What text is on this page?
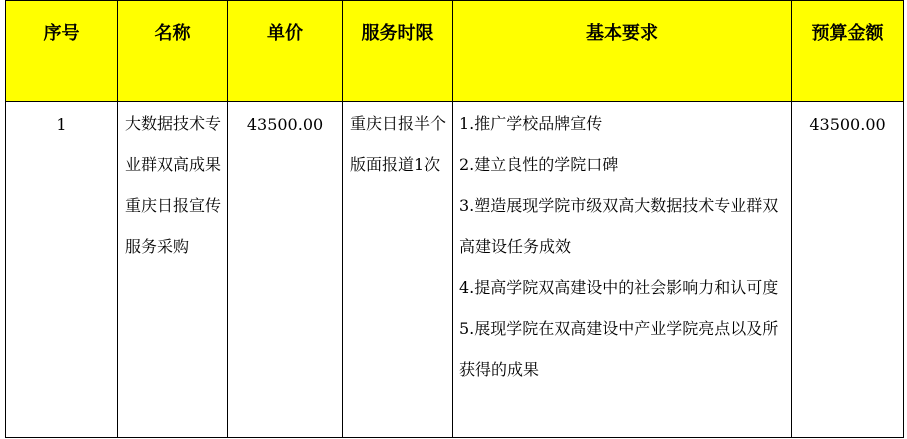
序号	名称	单价	服务时限	基本要求	预算金额
1	大数据技术专业群双高成果重庆日报宣传服务采购	43500.00	重庆日报半个版面报道1次	1.推广学校品牌宣传
2.建立良性的学院口碑
3.塑造展现学院市级双高大数据技术专业群双高建设任务成效
4.提高学院双高建设中的社会影响力和认可度
5.展现学院在双高建设中产业学院亮点以及所获得的成果	43500.00
